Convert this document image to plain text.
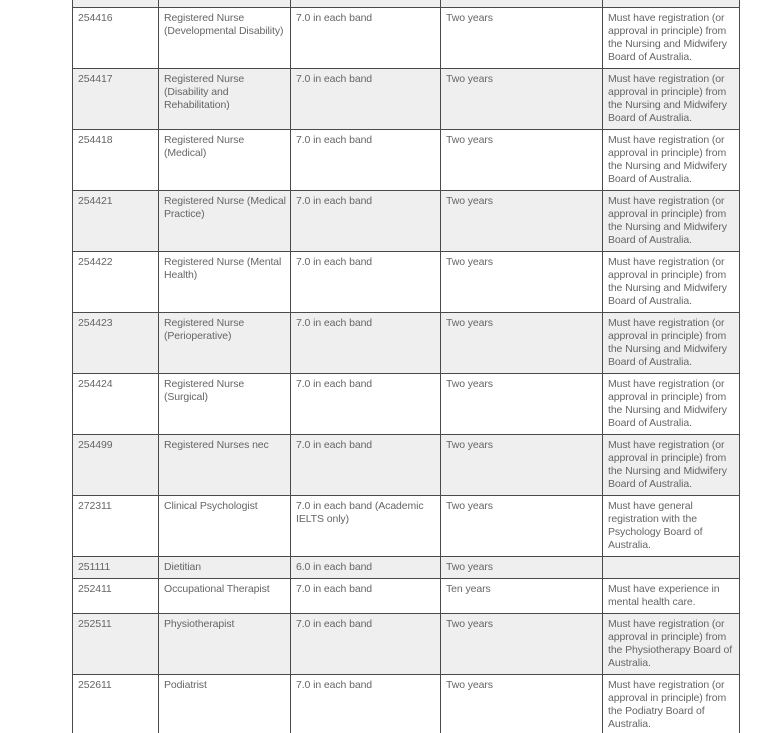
254416	Registered Nurse (Developmental Disability)	7.0 in each band	Two years	Must have registration (or approval in principle) from the Nursing and Midwifery Board of Australia.
254417	Registered Nurse (Disability and Rehabilitation)	7.0 in each band	Two years	Must have registration (or approval in principle) from the Nursing and Midwifery Board of Australia.
254418	Registered Nurse (Medical)	7.0 in each band	Two years	Must have registration (or approval in principle) from the Nursing and Midwifery Board of Australia.
254421	Registered Nurse (Medical Practice)	7.0 in each band	Two years	Must have registration (or approval in principle) from the Nursing and Midwifery Board of Australia.
254422	Registered Nurse (Mental Health)	7.0 in each band	Two years	Must have registration (or approval in principle) from the Nursing and Midwifery Board of Australia.
254423	Registered Nurse (Perioperative)	7.0 in each band	Two years	Must have registration (or approval in principle) from the Nursing and Midwifery Board of Australia.
254424	Registered Nurse (Surgical)	7.0 in each band	Two years	Must have registration (or approval in principle) from the Nursing and Midwifery Board of Australia.
254499	Registered Nurses nec	7.0 in each band	Two years	Must have registration (or approval in principle) from the Nursing and Midwifery Board of Australia.
272311	Clinical Psychologist	7.0 in each band (Academic IELTS only)	Two years	Must have general registration with the Psychology Board of Australia.
251111	Dietitian	6.0 in each band	Two years	
252411	Occupational Therapist	7.0 in each band	Ten years	Must have experience in mental health care.
252511	Physiotherapist	7.0 in each band	Two years	Must have registration (or approval in principle) from the Physiotherapy Board of Australia.
252611	Podiatrist	7.0 in each band	Two years	Must have registration (or approval in principle) from the Podiatry Board of Australia.
